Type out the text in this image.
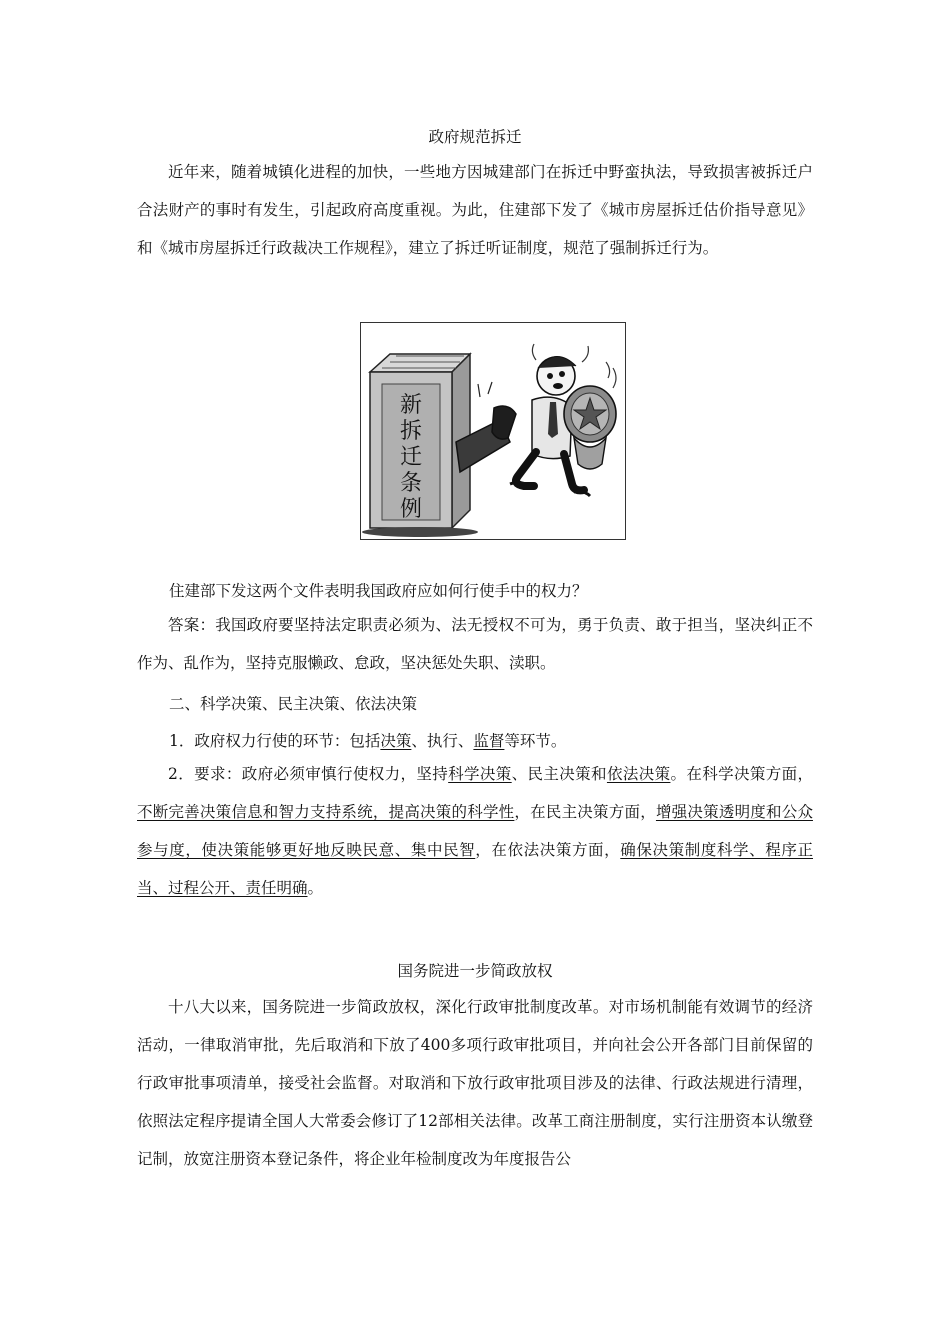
政府规范拆迁

近年来，随着城镇化进程的加快，一些地方因城建部门在拆迁中野蛮执法，导致损害被拆迁户合法财产的事时有发生，引起政府高度重视。为此，住建部下发了《城市房屋拆迁估价指导意见》和《城市房屋拆迁行政裁决工作规程》，建立了拆迁听证制度，规范了强制拆迁行为。

新
拆
迁
条
例
住建部下发这两个文件表明我国政府应如何行使手中的权力？

答案：我国政府要坚持法定职责必须为、法无授权不可为，勇于负责、敢于担当，坚决纠正不作为、乱作为，坚持克服懒政、怠政，坚决惩处失职、渎职。

二、科学决策、民主决策、依法决策
1．政府权力行使的环节：包括决策、执行、监督等环节。

2．要求：政府必须审慎行使权力，坚持科学决策、民主决策和依法决策。在科学决策方面，不断完善决策信息和智力支持系统，提高决策的科学性，在民主决策方面，增强决策透明度和公众参与度，使决策能够更好地反映民意、集中民智，在依法决策方面，确保决策制度科学、程序正当、过程公开、责任明确。

国务院进一步简政放权

十八大以来，国务院进一步简政放权，深化行政审批制度改革。对市场机制能有效调节的经济活动，一律取消审批，先后取消和下放了400多项行政审批项目，并向社会公开各部门目前保留的行政审批事项清单，接受社会监督。对取消和下放行政审批项目涉及的法律、行政法规进行清理，依照法定程序提请全国人大常委会修订了12部相关法律。改革工商注册制度，实行注册资本认缴登记制，放宽注册资本登记条件，将企业年检制度改为年度报告公
